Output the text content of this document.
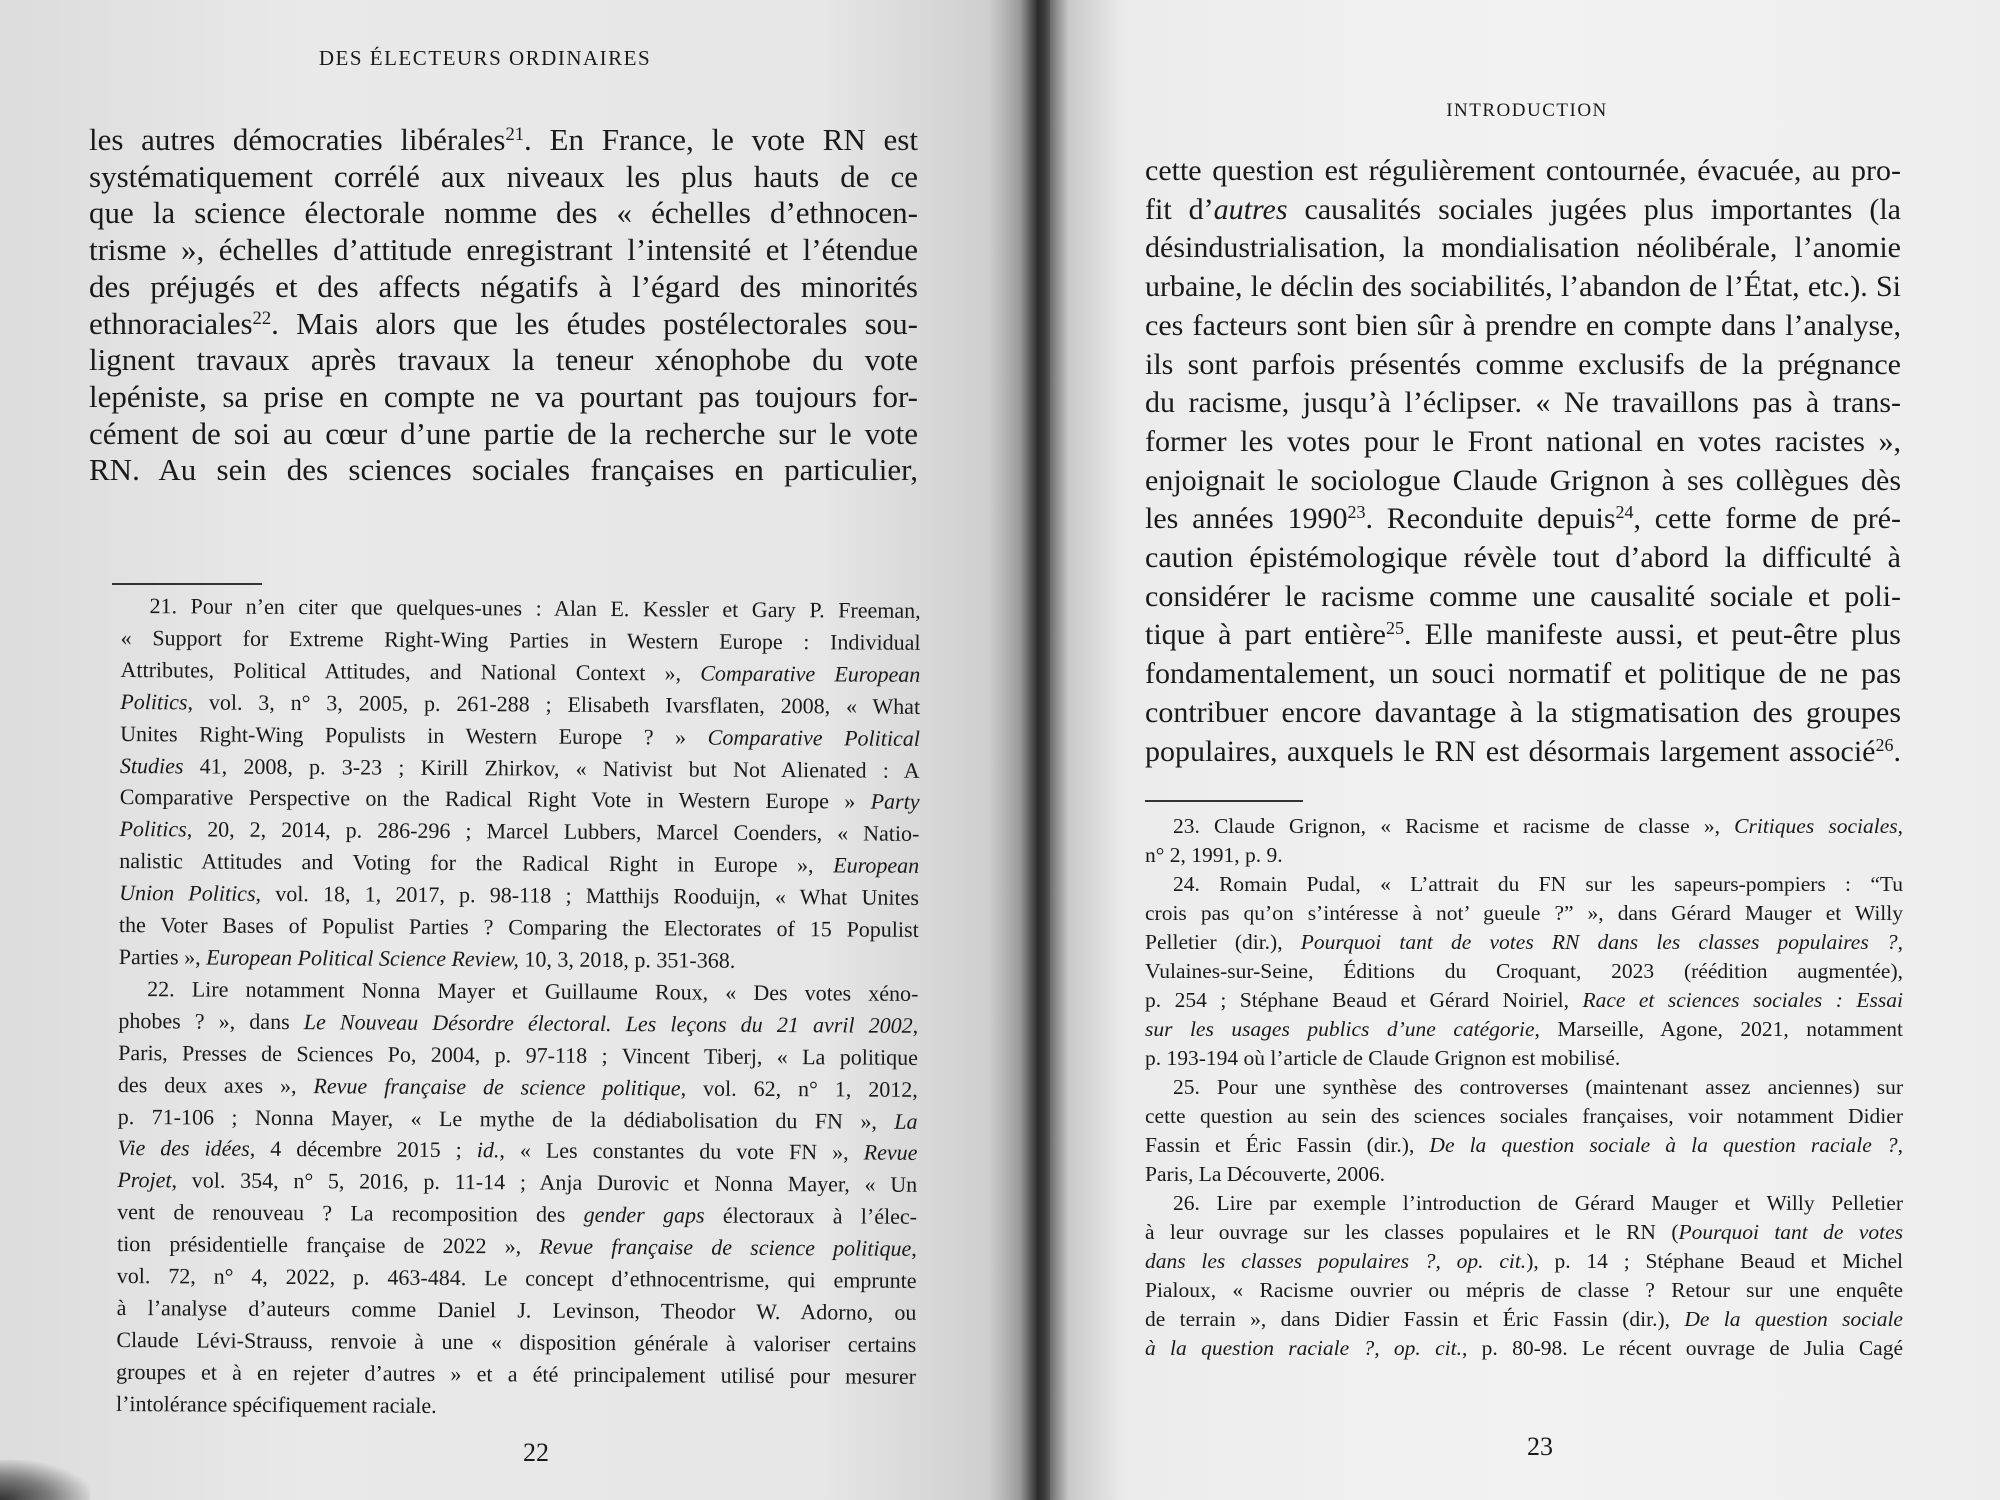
DES ÉLECTEURS ORDINAIRES
les autres démocraties libérales$^{21}$. En France, le vote RN est
systématiquement corrélé aux niveaux les plus hauts de ce
que la science électorale nomme des « échelles d’ethnocen-
trisme », échelles d’attitude enregistrant l’intensité et l’étendue
des préjugés et des affects négatifs à l’égard des minorités
ethnoraciales$^{22}$. Mais alors que les études postélectorales sou-
lignent travaux après travaux la teneur xénophobe du vote
lepéniste, sa prise en compte ne va pourtant pas toujours for-
cément de soi au cœur d’une partie de la recherche sur le vote
RN. Au sein des sciences sociales françaises en particulier,
21. Pour n’en citer que quelques-unes : Alan E. Kessler et Gary P. Freeman,
« Support for Extreme Right-Wing Parties in Western Europe : Individual
Attributes, Political Attitudes, and National Context », Comparative European
Politics, vol. 3, n° 3, 2005, p. 261-288 ; Elisabeth Ivarsflaten, 2008, « What
Unites Right-Wing Populists in Western Europe ? » Comparative Political
Studies 41, 2008, p. 3-23 ; Kirill Zhirkov, « Nativist but Not Alienated : A
Comparative Perspective on the Radical Right Vote in Western Europe » Party
Politics, 20, 2, 2014, p. 286-296 ; Marcel Lubbers, Marcel Coenders, « Natio-
nalistic Attitudes and Voting for the Radical Right in Europe », European
Union Politics, vol. 18, 1, 2017, p. 98-118 ; Matthijs Rooduijn, « What Unites
the Voter Bases of Populist Parties ? Comparing the Electorates of 15 Populist
Parties », European Political Science Review, 10, 3, 2018, p. 351-368.
22. Lire notamment Nonna Mayer et Guillaume Roux, « Des votes xéno-
phobes ? », dans Le Nouveau Désordre électoral. Les leçons du 21 avril 2002,
Paris, Presses de Sciences Po, 2004, p. 97-118 ; Vincent Tiberj, « La politique
des deux axes », Revue française de science politique, vol. 62, n° 1, 2012,
p. 71-106 ; Nonna Mayer, « Le mythe de la dédiabolisation du FN », La
Vie des idées, 4 décembre 2015 ; id., « Les constantes du vote FN », Revue
Projet, vol. 354, n° 5, 2016, p. 11-14 ; Anja Durovic et Nonna Mayer, « Un
vent de renouveau ? La recomposition des gender gaps électoraux à l’élec-
tion présidentielle française de 2022 », Revue française de science politique,
vol. 72, n° 4, 2022, p. 463-484. Le concept d’ethnocentrisme, qui emprunte
à l’analyse d’auteurs comme Daniel J. Levinson, Theodor W. Adorno, ou
Claude Lévi-Strauss, renvoie à une « disposition générale à valoriser certains
groupes et à en rejeter d’autres » et a été principalement utilisé pour mesurer
l’intolérance spécifiquement raciale.
22
INTRODUCTION
23
cette question est régulièrement contournée, évacuée, au pro-
fit d’autres causalités sociales jugées plus importantes (la
désindustrialisation, la mondialisation néolibérale, l’anomie
urbaine, le déclin des sociabilités, l’abandon de l’État, etc.). Si
ces facteurs sont bien sûr à prendre en compte dans l’analyse,
ils sont parfois présentés comme exclusifs de la prégnance
du racisme, jusqu’à l’éclipser. « Ne travaillons pas à trans-
former les votes pour le Front national en votes racistes »,
enjoignait le sociologue Claude Grignon à ses collègues dès
les années 1990$^{23}$. Reconduite depuis$^{24}$, cette forme de pré-
caution épistémologique révèle tout d’abord la difficulté à
considérer le racisme comme une causalité sociale et poli-
tique à part entière$^{25}$. Elle manifeste aussi, et peut-être plus
fondamentalement, un souci normatif et politique de ne pas
contribuer encore davantage à la stigmatisation des groupes
populaires, auxquels le RN est désormais largement associé$^{26}$.
23. Claude Grignon, « Racisme et racisme de classe », Critiques sociales,
n° 2, 1991, p. 9.
24. Romain Pudal, « L’attrait du FN sur les sapeurs-pompiers : “Tu
crois pas qu’on s’intéresse à not’ gueule ?” », dans Gérard Mauger et Willy
Pelletier (dir.), Pourquoi tant de votes RN dans les classes populaires ?,
Vulaines-sur-Seine, Éditions du Croquant, 2023 (réédition augmentée),
p. 254 ; Stéphane Beaud et Gérard Noiriel, Race et sciences sociales : Essai
sur les usages publics d’une catégorie, Marseille, Agone, 2021, notamment
p. 193-194 où l’article de Claude Grignon est mobilisé.
25. Pour une synthèse des controverses (maintenant assez anciennes) sur
cette question au sein des sciences sociales françaises, voir notamment Didier
Fassin et Éric Fassin (dir.), De la question sociale à la question raciale ?,
Paris, La Découverte, 2006.
26. Lire par exemple l’introduction de Gérard Mauger et Willy Pelletier
à leur ouvrage sur les classes populaires et le RN (Pourquoi tant de votes
dans les classes populaires ?, op. cit.), p. 14 ; Stéphane Beaud et Michel
Pialoux, « Racisme ouvrier ou mépris de classe ? Retour sur une enquête
de terrain », dans Didier Fassin et Éric Fassin (dir.), De la question sociale
à la question raciale ?, op. cit., p. 80-98. Le récent ouvrage de Julia Cagé
